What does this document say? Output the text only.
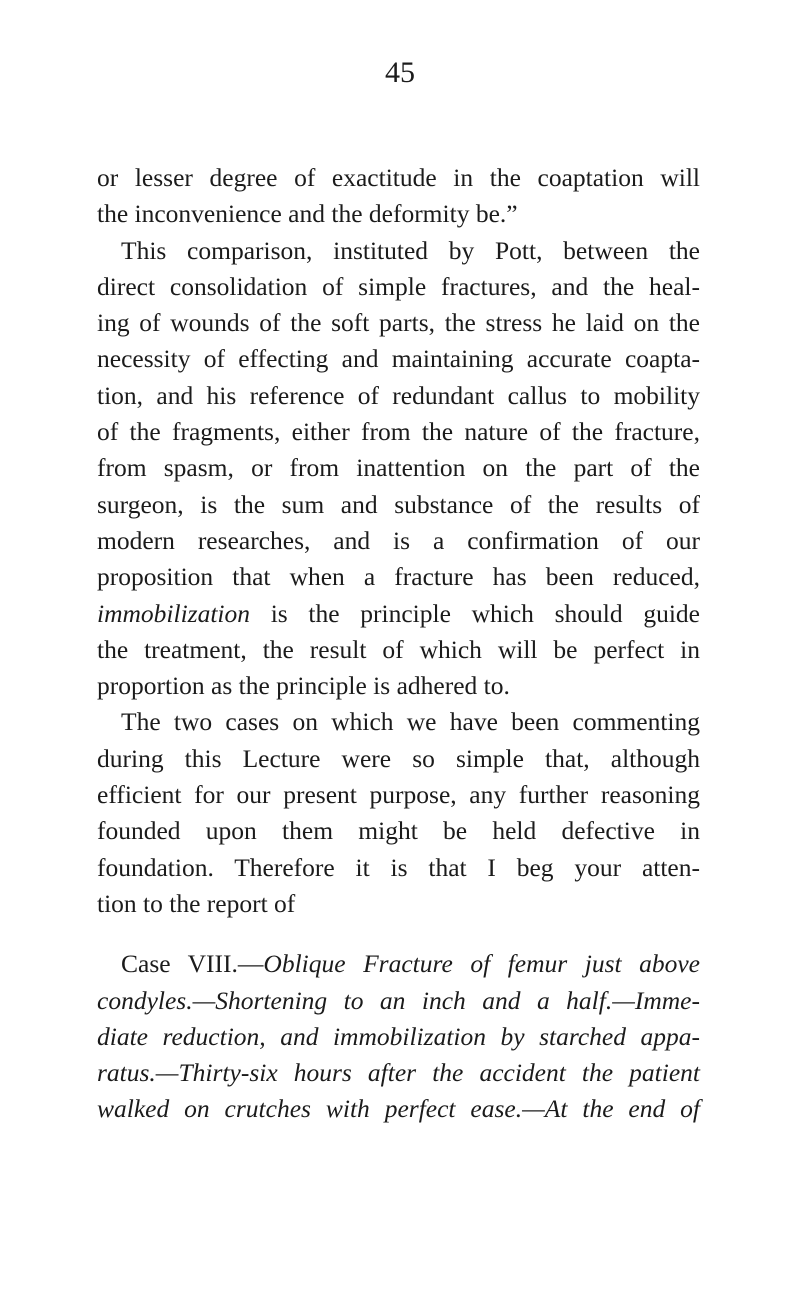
45
or lesser degree of exactitude in the coaptation will
the inconvenience and the deformity be.”
This comparison, instituted by Pott, between the
direct consolidation of simple fractures, and the heal-
ing of wounds of the soft parts, the stress he laid on the
necessity of effecting and maintaining accurate coapta-
tion, and his reference of redundant callus to mobility
of the fragments, either from the nature of the fracture,
from spasm, or from inattention on the part of the
surgeon, is the sum and substance of the results of
modern researches, and is a confirmation of our
proposition that when a fracture has been reduced,
immobilization is the principle which should guide
the treatment, the result of which will be perfect in
proportion as the principle is adhered to.
The two cases on which we have been commenting
during this Lecture were so simple that, although
efficient for our present purpose, any further reasoning
founded upon them might be held defective in
foundation. Therefore it is that I beg your atten-
tion to the report of
Case VIII.—Oblique Fracture of femur just above
condyles.—Shortening to an inch and a half.—Imme-
diate reduction, and immobilization by starched appa-
ratus.—Thirty-six hours after the accident the patient
walked on crutches with perfect ease.—At the end of
